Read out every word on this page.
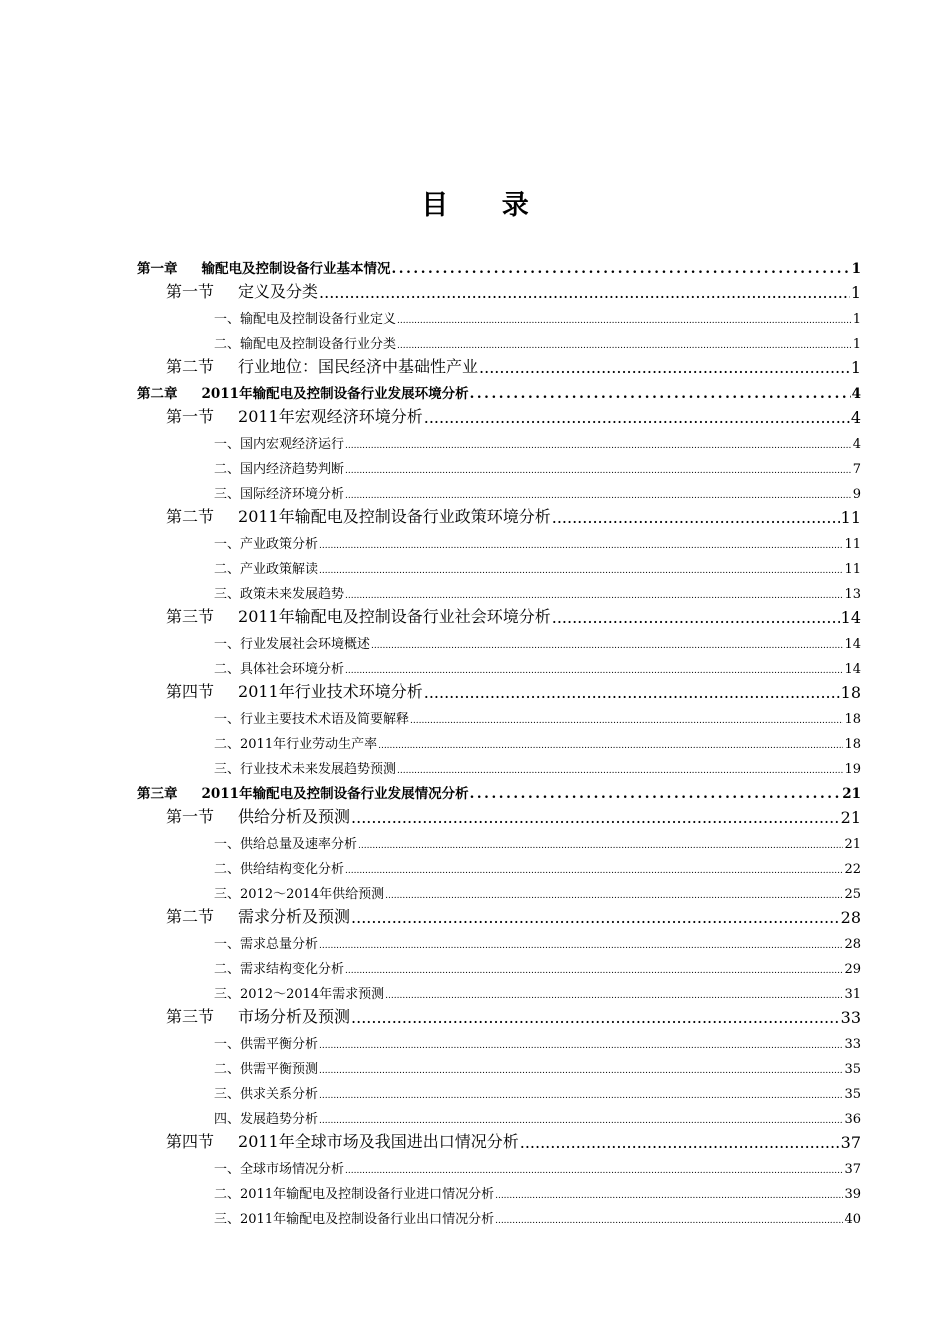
目 录
第一章 输配电及控制设备行业基本情况 .....	1
第一节 定义及分类 .....	1
一、输配电及控制设备行业定义 .....	1
二、输配电及控制设备行业分类 .....	1
第二节 行业地位：国民经济中基础性产业 .....	1
第二章 2011年输配电及控制设备行业发展环境分析 .....	4
第一节 2011年宏观经济环境分析 .....	4
一、国内宏观经济运行 .....	4
二、国内经济趋势判断 .....	7
三、国际经济环境分析 .....	9
第二节 2011年输配电及控制设备行业政策环境分析 .....	11
一、产业政策分析 .....	11
二、产业政策解读 .....	11
三、政策未来发展趋势 .....	13
第三节 2011年输配电及控制设备行业社会环境分析 .....	14
一、行业发展社会环境概述 .....	14
二、具体社会环境分析 .....	14
第四节 2011年行业技术环境分析 .....	18
一、行业主要技术术语及简要解释 .....	18
二、2011年行业劳动生产率 .....	18
三、行业技术未来发展趋势预测 .....	19
第三章 2011年输配电及控制设备行业发展情况分析 .....	21
第一节 供给分析及预测 .....	21
一、供给总量及速率分析 .....	21
二、供给结构变化分析 .....	22
三、2012～2014年供给预测 .....	25
第二节 需求分析及预测 .....	28
一、需求总量分析 .....	28
二、需求结构变化分析 .....	29
三、2012～2014年需求预测 .....	31
第三节 市场分析及预测 .....	33
一、供需平衡分析 .....	33
二、供需平衡预测 .....	35
三、供求关系分析 .....	35
四、发展趋势分析 .....	36
第四节 2011年全球市场及我国进出口情况分析 .....	37
一、全球市场情况分析 .....	37
二、2011年输配电及控制设备行业进口情况分析 .....	39
三、2011年输配电及控制设备行业出口情况分析 .....	40
